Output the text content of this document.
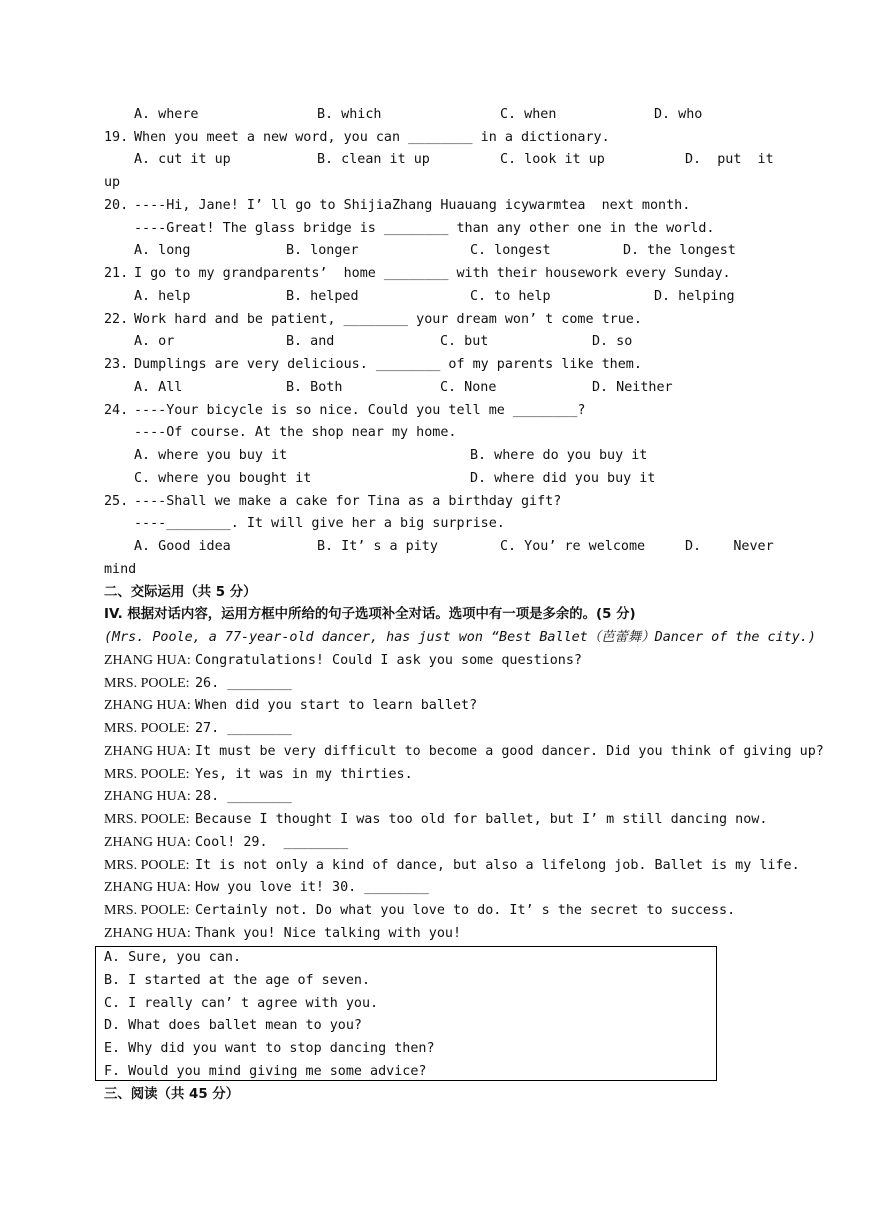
A. where	B. which	C. when	D. who
19. When you meet a new word, you can ________ in a dictionary.
A. cut it up	B. clean it up	C. look it up	D.  put  it
up
20. ----Hi, Jane! I’ ll go to ShijiaZhang Huauang icywarmtea  next month.
----Great! The glass bridge is ________ than any other one in the world.
A. long	B. longer	C. longest	D. the longest
21. I go to my grandparents’  home ________ with their housework every Sunday.
A. help	B. helped	C. to help	D. helping
22. Work hard and be patient, ________ your dream won’ t come true.
A. or	B. and	C. but	D. so
23. Dumplings are very delicious. ________ of my parents like them.
A. All	B. Both	C. None	D. Neither
24. ----Your bicycle is so nice. Could you tell me ________?
----Of course. At the shop near my home.
A. where you buy it	B. where do you buy it
C. where you bought it	D. where did you buy it
25. ----Shall we make a cake for Tina as a birthday gift?
----________. It will give her a big surprise.
A. Good idea	B. It’ s a pity	C. You’ re welcome	D.    Never
mind
二、交际运用（共 5 分）
IV. 根据对话内容，运用方框中所给的句子选项补全对话。选项中有一项是多余的。(5 分)
(Mrs. Poole, a 77-year-old dancer, has just won “Best Ballet（芭蕾舞）Dancer of the city.)
ZHANG HUA: Congratulations! Could I ask you some questions?
MRS. POOLE: 26. ________
ZHANG HUA: When did you start to learn ballet?
MRS. POOLE: 27. ________
ZHANG HUA: It must be very difficult to become a good dancer. Did you think of giving up?
MRS. POOLE: Yes, it was in my thirties.
ZHANG HUA: 28. ________
MRS. POOLE: Because I thought I was too old for ballet, but I’ m still dancing now.
ZHANG HUA: Cool! 29.  ________
MRS. POOLE: It is not only a kind of dance, but also a lifelong job. Ballet is my life.
ZHANG HUA: How you love it! 30. ________
MRS. POOLE: Certainly not. Do what you love to do. It’ s the secret to success.
ZHANG HUA: Thank you! Nice talking with you!
A. Sure, you can.
B. I started at the age of seven.
C. I really can’ t agree with you.
D. What does ballet mean to you?
E. Why did you want to stop dancing then?
F. Would you mind giving me some advice?
三、阅读（共 45 分）
